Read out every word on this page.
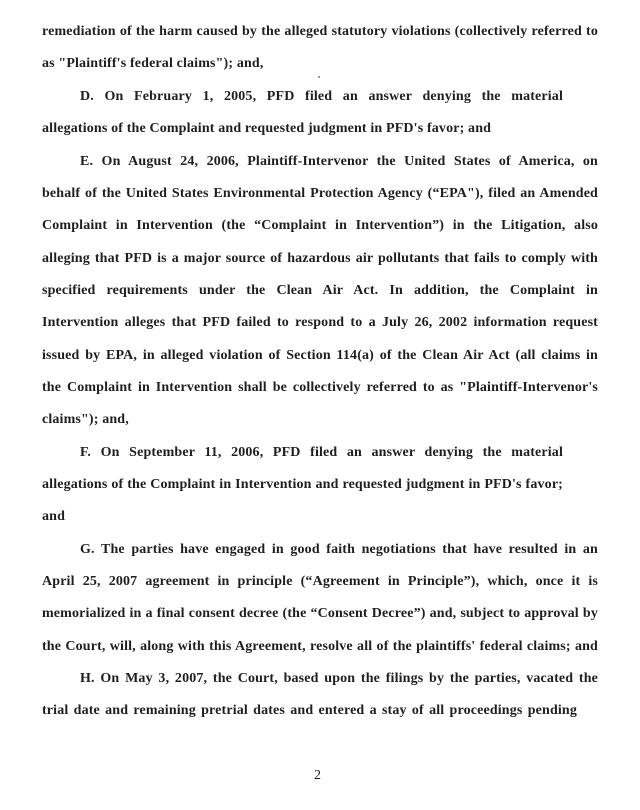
remediation of the harm caused by the alleged statutory violations (collectively referred to
as "Plaintiff's federal claims"); and,
D. On February 1, 2005, PFD filed an answer denying the material
allegations of the Complaint and requested judgment in PFD's favor; and
E. On August 24, 2006, Plaintiff-Intervenor the United States of America, on
behalf of the United States Environmental Protection Agency (“EPA"), filed an Amended
Complaint in Intervention (the “Complaint in Intervention”) in the Litigation, also
alleging that PFD is a major source of hazardous air pollutants that fails to comply with
specified requirements under the Clean Air Act. In addition, the Complaint in
Intervention alleges that PFD failed to respond to a July 26, 2002 information request
issued by EPA, in alleged violation of Section 114(a) of the Clean Air Act (all claims in
the Complaint in Intervention shall be collectively referred to as "Plaintiff-Intervenor's
claims"); and,
F. On September 11, 2006, PFD filed an answer denying the material
allegations of the Complaint in Intervention and requested judgment in PFD's favor;
and
G. The parties have engaged in good faith negotiations that have resulted in an
April 25, 2007 agreement in principle (“Agreement in Principle”), which, once it is
memorialized in a final consent decree (the “Consent Decree”) and, subject to approval by
the Court, will, along with this Agreement, resolve all of the plaintiffs' federal claims; and
H. On May 3, 2007, the Court, based upon the filings by the parties, vacated the
trial date and remaining pretrial dates and entered a stay of all proceedings pending
2
